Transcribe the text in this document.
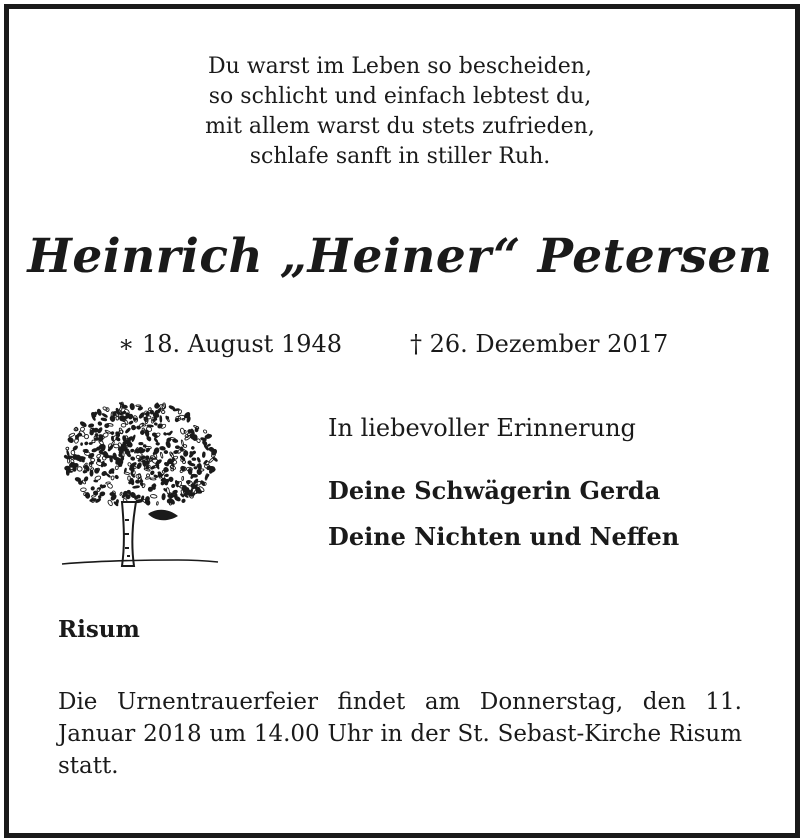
Du warst im Leben so bescheiden,
so schlicht und einfach lebtest du,
mit allem warst du stets zufrieden,
schlafe sanft in stiller Ruh.
Heinrich „Heiner“ Petersen
∗ 18. August 1948	† 26. Dezember 2017
In liebevoller Erinnerung
Deine Schwägerin Gerda
Deine Nichten und Neffen
Risum
Die Urnentrauerfeier findet am Donnerstag, den 11. Januar 2018 um 14.00 Uhr in der St. Sebast-Kirche Risum statt.
